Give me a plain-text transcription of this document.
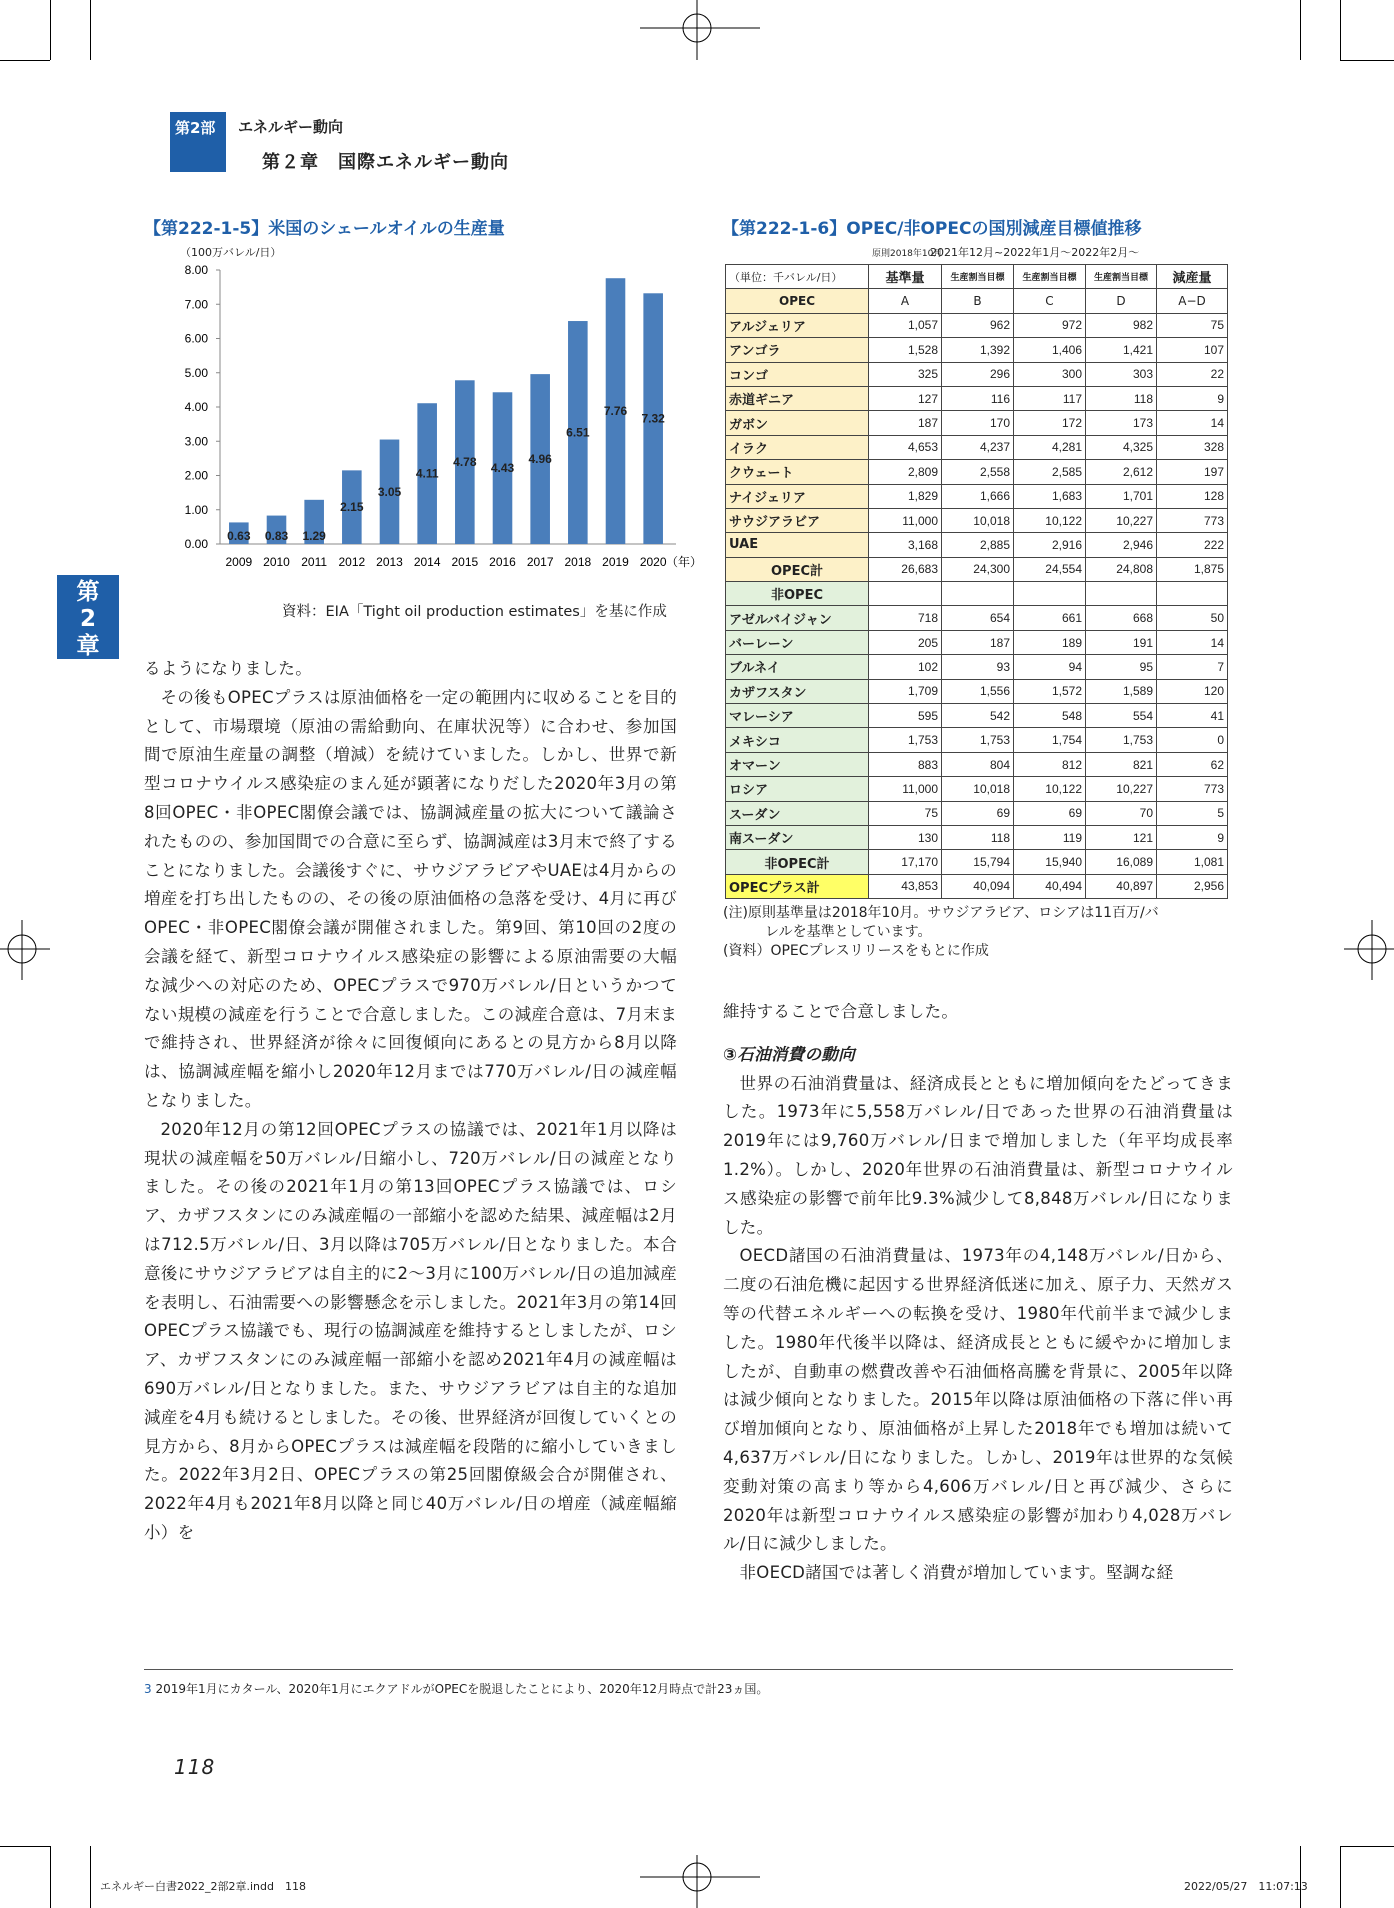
第2部	エネルギー動向
第２章　国際エネルギー動向
第
2
章
【第222-1-5】米国のシェールオイルの生産量
（100万バレル/日）
0.00
1.00
2.00
3.00
4.00
5.00
6.00
7.00
8.00
0.63
2009
0.83
2010
1.29
2011
2.15
2012
3.05
2013
4.11
2014
4.78
2015
4.43
2016
4.96
2017
6.51
2018
7.76
2019
7.32
2020 （年）
資料：EIA「Tight oil production estimates」を基に作成
【第222-1-6】OPEC/非OPECの国別減産目標値推移
原則2018年10月
2021年12月~2022年1月～2022年2月～
（単位：千バレル/日）	基準量	生産割当目標	生産割当目標	生産割当目標	減産量
OPEC	A	B	C	D	A−D
アルジェリア	1,057	962	972	982	75
アンゴラ	1,528	1,392	1,406	1,421	107
コンゴ	325	296	300	303	22
赤道ギニア	127	116	117	118	9
ガボン	187	170	172	173	14
イラク	4,653	4,237	4,281	4,325	328
クウェート	2,809	2,558	2,585	2,612	197
ナイジェリア	1,829	1,666	1,683	1,701	128
サウジアラビア	11,000	10,018	10,122	10,227	773
UAE	3,168	2,885	2,916	2,946	222
OPEC計	26,683	24,300	24,554	24,808	1,875
非OPEC					
アゼルバイジャン	718	654	661	668	50
バーレーン	205	187	189	191	14
ブルネイ	102	93	94	95	7
カザフスタン	1,709	1,556	1,572	1,589	120
マレーシア	595	542	548	554	41
メキシコ	1,753	1,753	1,754	1,753	0
オマーン	883	804	812	821	62
ロシア	11,000	10,018	10,122	10,227	773
スーダン	75	69	69	70	5
南スーダン	130	118	119	121	9
非OPEC計	17,170	15,794	15,940	16,089	1,081
OPECプラス計	43,853	40,094	40,494	40,897	2,956
(注)原則基準量は2018年10月。サウジアラビア、ロシアは11百万/バ
レルを基準としています。
(資料）OPECプレスリリースをもとに作成

るようになりました。

その後もOPECプラスは原油価格を一定の範囲内に収めることを目的として、市場環境（原油の需給動向、在庫状況等）に合わせ、参加国間で原油生産量の調整（増減）を続けていました。しかし、世界で新型コロナウイルス感染症のまん延が顕著になりだした2020年3月の第8回OPEC・非OPEC閣僚会議では、協調減産量の拡大について議論されたものの、参加国間での合意に至らず、協調減産は3月末で終了することになりました。会議後すぐに、サウジアラビアやUAEは4月からの増産を打ち出したものの、その後の原油価格の急落を受け、4月に再びOPEC・非OPEC閣僚会議が開催されました。第9回、第10回の2度の会議を経て、新型コロナウイルス感染症の影響による原油需要の大幅な減少への対応のため、OPECプラスで970万バレル/日というかつてない規模の減産を行うことで合意しました。この減産合意は、7月末まで維持され、世界経済が徐々に回復傾向にあるとの見方から8月以降は、協調減産幅を縮小し2020年12月までは770万バレル/日の減産幅となりました。

2020年12月の第12回OPECプラスの協議では、2021年1月以降は現状の減産幅を50万バレル/日縮小し、720万バレル/日の減産となりました。その後の2021年1月の第13回OPECプラス協議では、ロシア、カザフスタンにのみ減産幅の一部縮小を認めた結果、減産幅は2月は712.5万バレル/日、3月以降は705万バレル/日となりました。本合意後にサウジアラビアは自主的に2～3月に100万バレル/日の追加減産を表明し、石油需要への影響懸念を示しました。2021年3月の第14回OPECプラス協議でも、現行の協調減産を維持するとしましたが、ロシア、カザフスタンにのみ減産幅一部縮小を認め2021年4月の減産幅は690万バレル/日となりました。また、サウジアラビアは自主的な追加減産を4月も続けるとしました。その後、世界経済が回復していくとの見方から、8月からOPECプラスは減産幅を段階的に縮小していきました。2022年3月2日、OPECプラスの第25回閣僚級会合が開催され、2022年4月も2021年8月以降と同じ40万バレル/日の増産（減産幅縮小）を

維持することで合意しました。

③石油消費の動向

世界の石油消費量は、経済成長とともに増加傾向をたどってきました。1973年に5,558万バレル/日であった世界の石油消費量は2019年には9,760万バレル/日まで増加しました（年平均成長率1.2%）。しかし、2020年世界の石油消費量は、新型コロナウイルス感染症の影響で前年比9.3%減少して8,848万バレル/日になりました。

OECD諸国の石油消費量は、1973年の4,148万バレル/日から、二度の石油危機に起因する世界経済低迷に加え、原子力、天然ガス等の代替エネルギーへの転換を受け、1980年代前半まで減少しました。1980年代後半以降は、経済成長とともに緩やかに増加しましたが、自動車の燃費改善や石油価格高騰を背景に、2005年以降は減少傾向となりました。2015年以降は原油価格の下落に伴い再び増加傾向となり、原油価格が上昇した2018年でも増加は続いて4,637万バレル/日になりました。しかし、2019年は世界的な気候変動対策の高まり等から4,606万バレル/日と再び減少、さらに2020年は新型コロナウイルス感染症の影響が加わり4,028万バレル/日に減少しました。

非OECD諸国では著しく消費が増加しています。堅調な経

3 2019年1月にカタール、2020年1月にエクアドルがOPECを脱退したことにより、2020年12月時点で計23ヵ国。
118
エネルギー白書2022_2部2章.indd　118	2022/05/27　11:07:13
